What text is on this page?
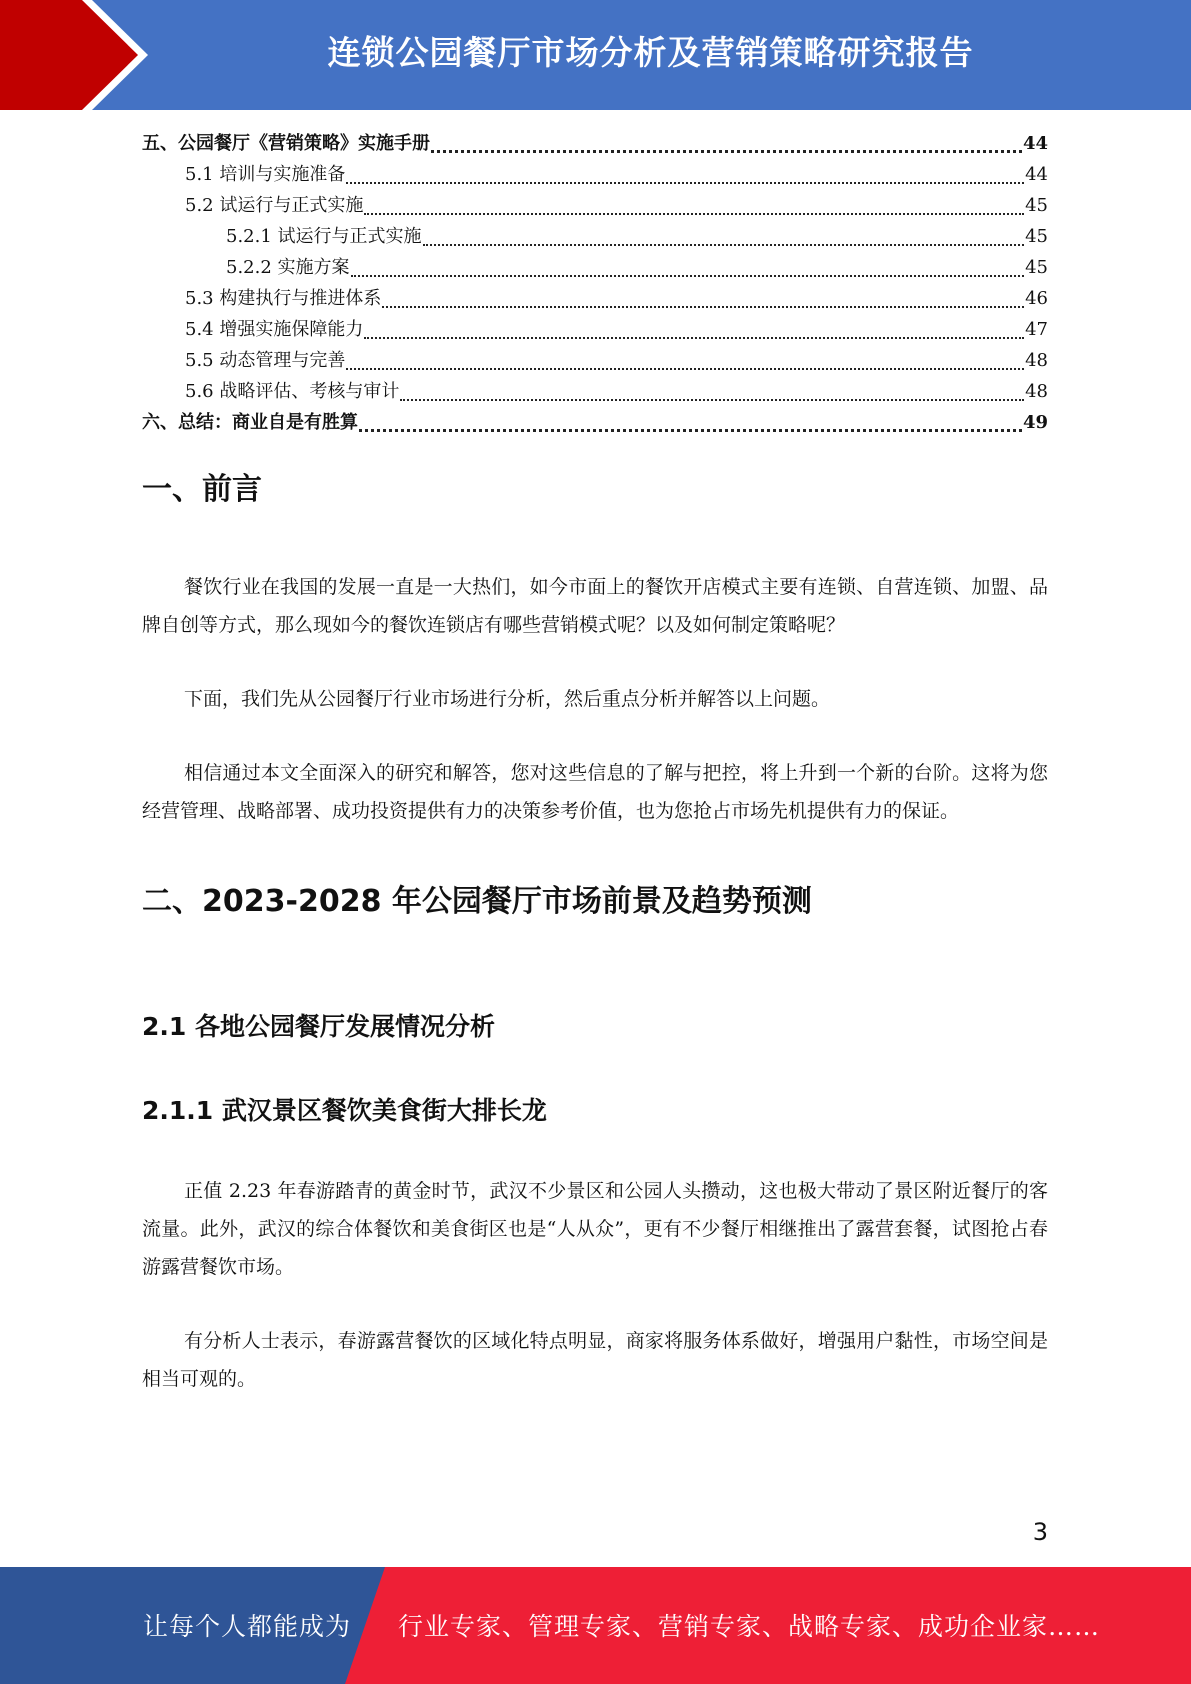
连锁公园餐厅市场分析及营销策略研究报告
五、公园餐厅《营销策略》实施手册	44
5.1 培训与实施准备	44
5.2 试运行与正式实施	45
5.2.1 试运行与正式实施	45
5.2.2 实施方案	45
5.3 构建执行与推进体系	46
5.4 增强实施保障能力	47
5.5 动态管理与完善	48
5.6 战略评估、考核与审计	48
六、总结：商业自是有胜算	49
一、前言

餐饮行业在我国的发展一直是一大热们，如今市面上的餐饮开店模式主要有连锁、自营连锁、加盟、品牌自创等方式，那么现如今的餐饮连锁店有哪些营销模式呢？以及如何制定策略呢？

下面，我们先从公园餐厅行业市场进行分析，然后重点分析并解答以上问题。

相信通过本文全面深入的研究和解答，您对这些信息的了解与把控，将上升到一个新的台阶。这将为您经营管理、战略部署、成功投资提供有力的决策参考价值，也为您抢占市场先机提供有力的保证。

二、2023-2028 年公园餐厅市场前景及趋势预测
2.1 各地公园餐厅发展情况分析
2.1.1 武汉景区餐饮美食街大排长龙

正值 2.23 年春游踏青的黄金时节，武汉不少景区和公园人头攒动，这也极大带动了景区附近餐厅的客流量。此外，武汉的综合体餐饮和美食街区也是“人从众”，更有不少餐厅相继推出了露营套餐，试图抢占春游露营餐饮市场。

有分析人士表示，春游露营餐饮的区域化特点明显，商家将服务体系做好，增强用户黏性，市场空间是相当可观的。

3
让每个人都能成为 行业专家、管理专家、营销专家、战略专家、成功企业家……
